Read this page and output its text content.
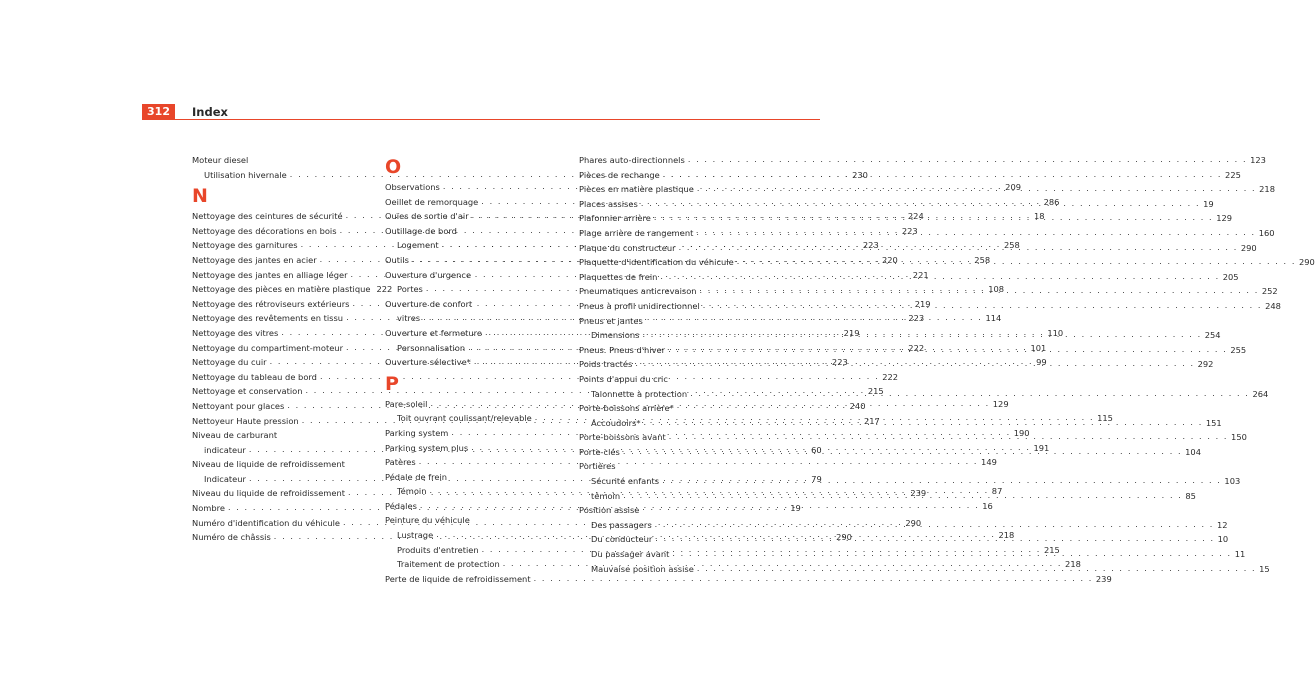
312	Index
Moteur diesel
Utilisation hivernale . . .	230
N
Nettoyage des ceintures de sécurité . . .	224
Nettoyage des décorations en bois . . .	223
Nettoyage des garnitures . . .	223
Nettoyage des jantes en acier . . .	220
Nettoyage des jantes en alliage léger . . .	221
Nettoyage des pièces en matière plastique 222
Nettoyage des rétroviseurs extérieurs . . .	219
Nettoyage des revêtements en tissu . . .	223
Nettoyage des vitres . . .	219
Nettoyage du compartiment-moteur . . .	222
Nettoyage du cuir . . .	223
Nettoyage du tableau de bord . . .	222
Nettoyage et conservation . . .	215
Nettoyant pour glaces . . .	240
Nettoyeur Haute pression . . .	217
Niveau de carburant
indicateur . . .	60
Niveau de liquide de refroidissement
Indicateur . . .	79
Niveau du liquide de refroidissement . . .	239
Nombre . . .	19
Numéro d'identification du véhicule . . .	290
Numéro de châssis . . .	290
O
Observations . . .	209
Oeillet de remorquage . . .	286
Ouïes de sortie d'air . . .	18
Outillage de bord
Logement . . .	258
Outils . . .	258
Ouverture d'urgence
Portes . . .	108
Ouverture de confort
vitres . . .	114
Ouverture et fermeture . . .	110
Personnalisation . . .	101
Ouverture sélective* . . .	99
P
Pare-soleil . . .	129
Toit ouvrant coulissant/relevable . . .	115
Parking system . . .	190
Parking system plus . . .	191
Patères . . .	149
Pédale de frein
Témoin . . .	87
Pédales . . .	16
Peinture du véhicule
Lustrage . . .	218
Produits d'entretien . . .	215
Traitement de protection . . .	218
Perte de liquide de refroidissement . . .	239
Phares auto-directionnels . . .	123
Pièces de rechange . . .	225
Pièces en matière plastique . . .	218
Places assises . . .	19
Plafonnier arrière . . .	129
Plage arrière de rangement . . .	160
Plaque du constructeur . . .	290
Plaquette d'identification du véhicule . . .	290
Plaquettes de frein . . .	205
Pneumatiques anticrevaison . . .	252
Pneus à profil unidirectionnel . . .	248
Pneus et jantes
Dimensions . . .	254
Pneus. Pneus d'hiver . . .	255
Poids tractés . . .	292
Points d'appui du cric
Talonnette à protection . . .	264
Porte-boissons arrière*
Accoudoirs* . . .	151
Porte-boissons avant . . .	150
Porte-clés . . .	104
Portières
Sécurité enfants . . .	103
témoin . . .	85
Position assise
Des passagers . . .	12
Du conducteur . . .	10
Du passager avant . . .	11
Mauvaise position assise . . .	15
